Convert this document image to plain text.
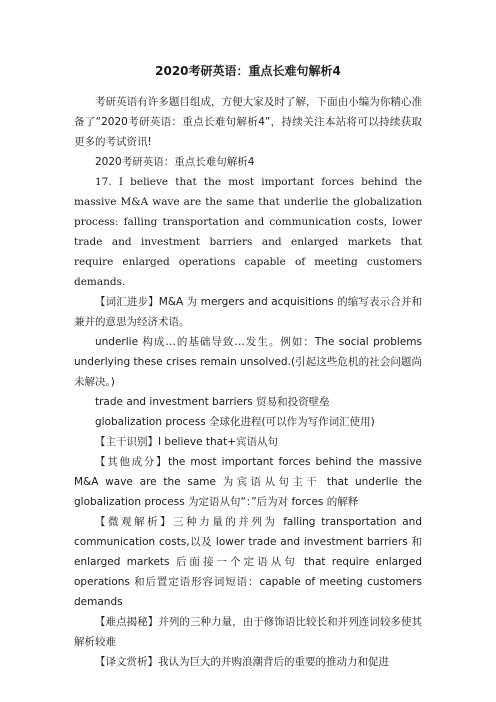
2020考研英语：重点长难句解析4

考研英语有许多题目组成，方便大家及时了解，下面由小编为你精心准备了“2020考研英语：重点长难句解析4”，持续关注本站将可以持续获取更多的考试资讯!

2020考研英语：重点长难句解析4

17. I believe that the most important forces behind the massive M&A wave are the same that underlie the globalization process: falling transportation and communication costs, lower trade and investment barriers and enlarged markets that require enlarged operations capable of meeting customers demands.

【词汇进步】M&A 为 mergers and acquisitions 的缩写表示合并和兼并的意思为经济术语。

underlie 构成…的基础导致…发生。例如：The social problems underlying these crises remain unsolved.(引起这些危机的社会问题尚未解决。)

trade and investment barriers 贸易和投资壁垒

globalization process 全球化进程(可以作为写作词汇使用)

【主干识别】I believe that+宾语从句

【其他成分】the most important forces behind the massive M&A wave are the same 为宾语从句主干 that underlie the globalization process 为定语从句“：”后为对 forces 的解释

【微观解析】三种力量的并列为 falling transportation and communication costs,以及 lower trade and investment barriers 和 enlarged markets 后面接一个定语从句 that require enlarged operations 和后置定语形容词短语：capable of meeting customers demands

【难点揭秘】并列的三种力量，由于修饰语比较长和并列连词较多使其解析较难

【译文赏析】我认为巨大的并购浪潮背后的重要的推动力和促进
